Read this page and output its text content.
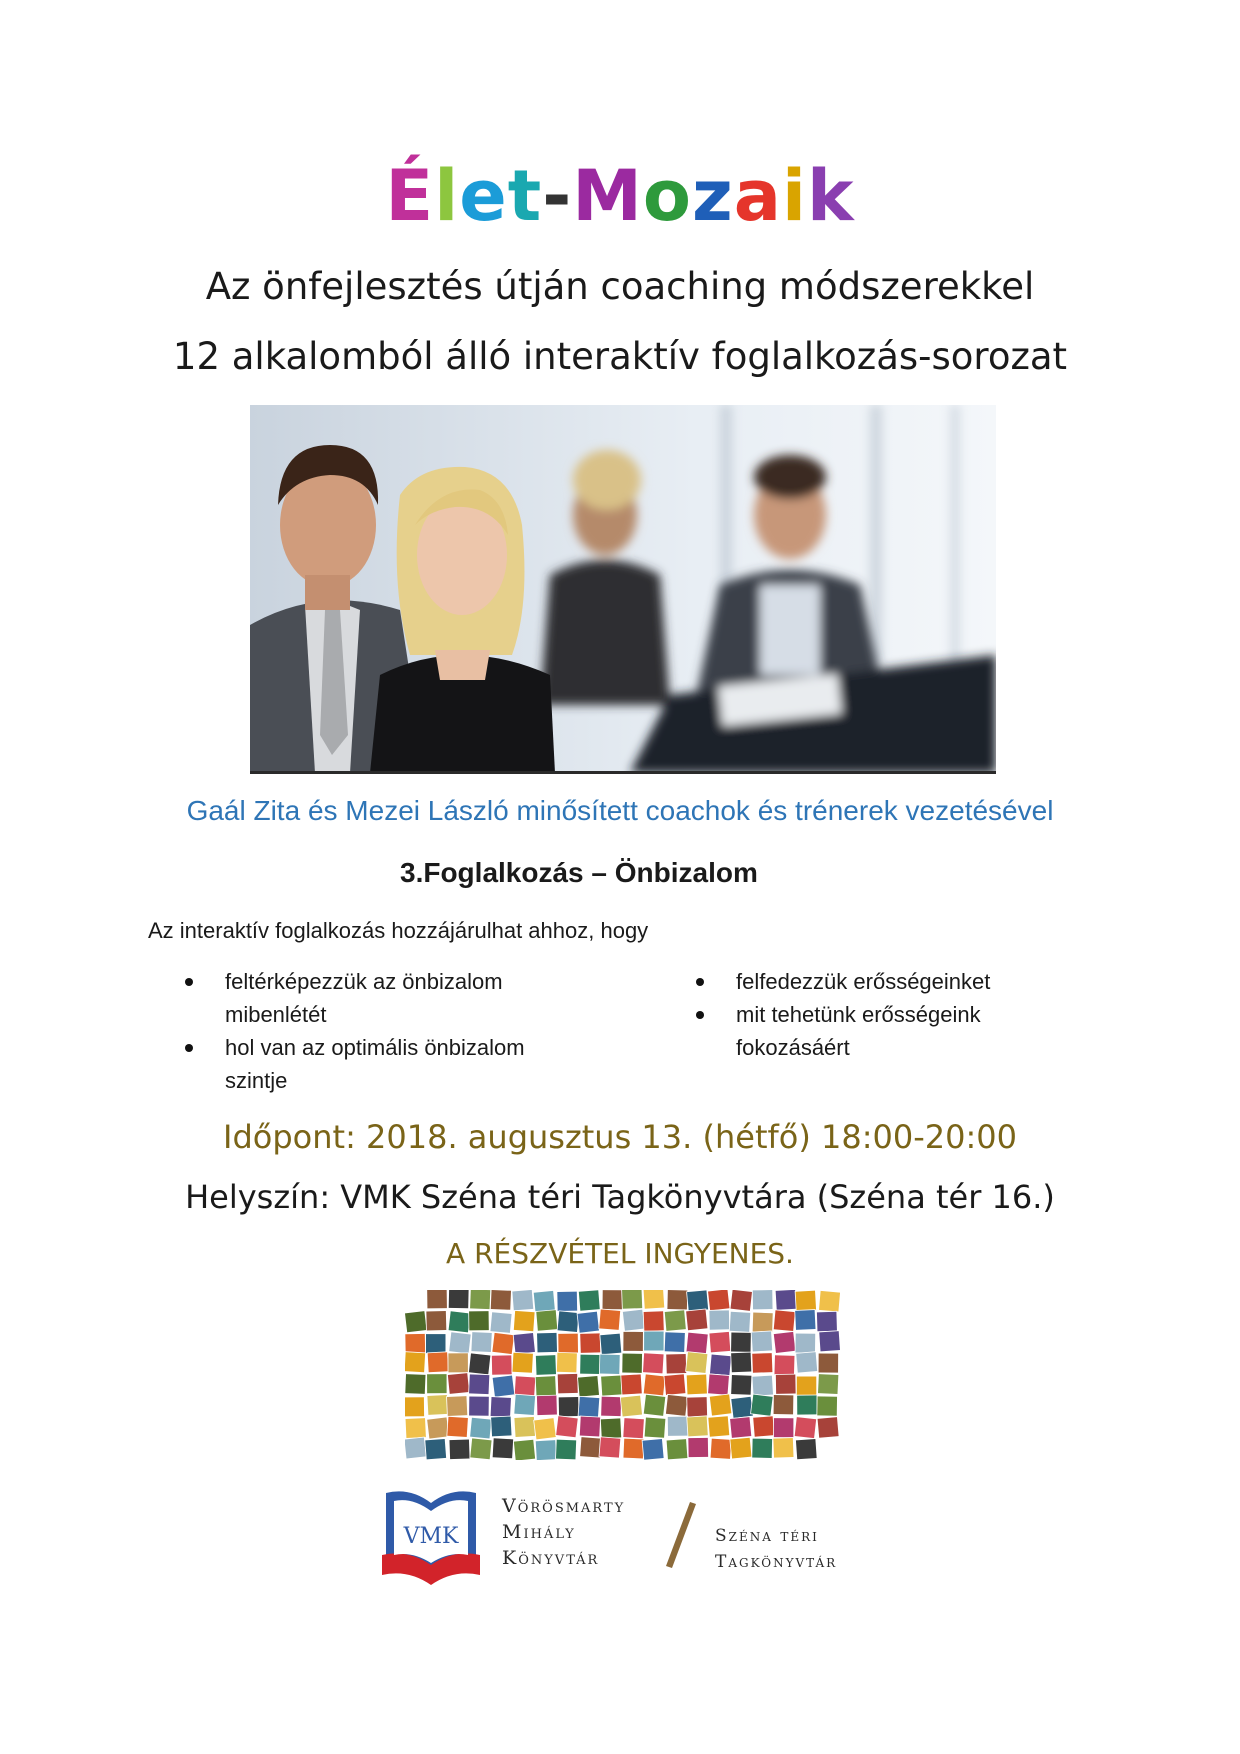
Élet-Mozaik
Az önfejlesztés útján coaching módszerekkel
12 alkalomból álló interaktív foglalkozás-sorozat
Gaál Zita és Mezei László minősített coachok és trénerek vezetésével
3.Foglalkozás – Önbizalom
Az interaktív foglalkozás hozzájárulhat ahhoz, hogy
feltérképezzük az önbizalom mibenlétét
hol van az optimális önbizalom szintje
felfedezzük erősségeinket
mit tehetünk erősségeink fokozásáért
Időpont: 2018. augusztus 13. (hétfő) 18:00-20:00
Helyszín: VMK Széna téri Tagkönyvtára (Széna tér 16.)
A RÉSZVÉTEL INGYENES.
VMK
Vörösmarty
Mihály
Könyvtár
Széna téri
Tagkönyvtár
